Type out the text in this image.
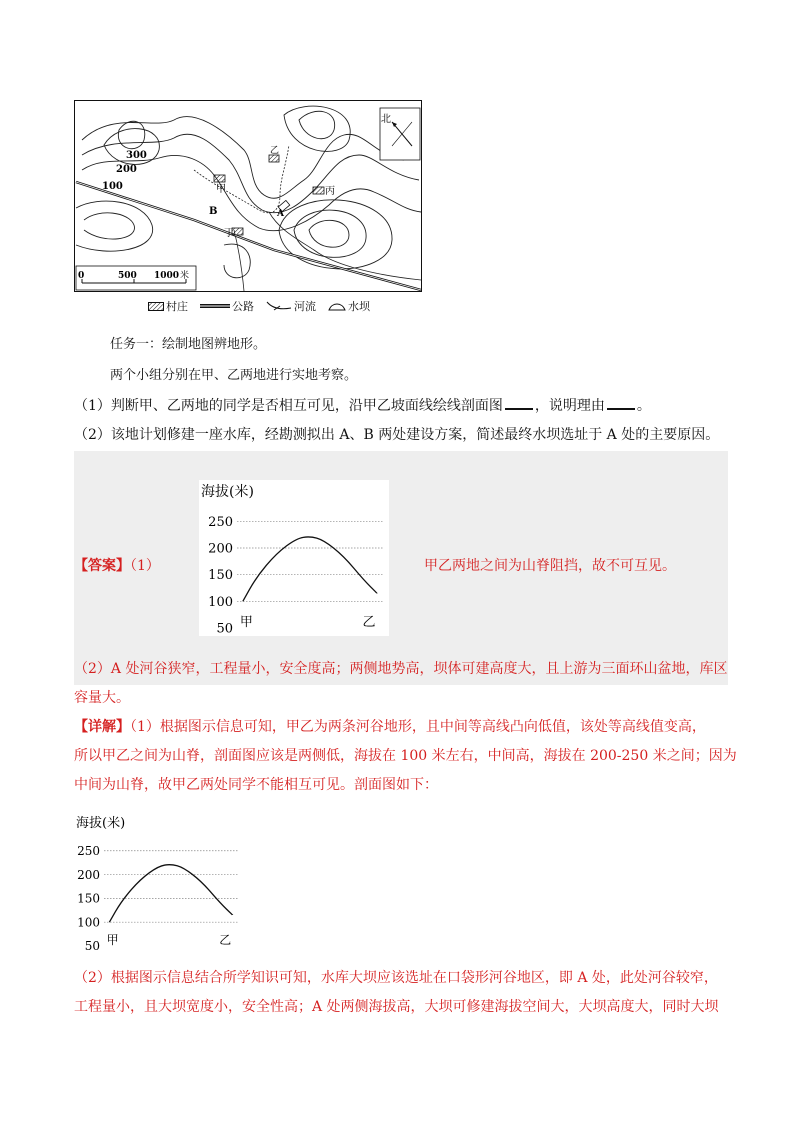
300
200
100	甲
乙
丙
丁
A
B
北
0	500 1000 米
村庄	公路	河流	水坝
任务一：绘制地图辨地形。
两个小组分别在甲、乙两地进行实地考察。
（1）判断甲、乙两地的同学是否相互可见，沿甲乙坡面线绘线剖面图 ，说明理由 。
（2）该地计划修建一座水库，经勘测拟出 A、B 两处建设方案，简述最终水坝选址于 A 处的主要原因。
【答案】（1）
海拔(米)
50
100
150
200
250
甲	乙
甲乙两地之间为山脊阻挡，故不可互见。
（2）A 处河谷狭窄，工程量小，安全度高；两侧地势高，坝体可建高度大，且上游为三面环山盆地，库区
容量大。
【详解】（1）根据图示信息可知，甲乙为两条河谷地形，且中间等高线凸向低值，该处等高线值变高，
所以甲乙之间为山脊，剖面图应该是两侧低，海拔在 100 米左右，中间高，海拔在 200-250 米之间；因为
中间为山脊，故甲乙两处同学不能相互可见。剖面图如下：
海拔(米)
50
100
150
200
250
甲	乙
（2）根据图示信息结合所学知识可知，水库大坝应该选址在口袋形河谷地区，即 A 处，此处河谷较窄，
工程量小，且大坝宽度小，安全性高；A 处两侧海拔高，大坝可修建海拔空间大，大坝高度大，同时大坝
